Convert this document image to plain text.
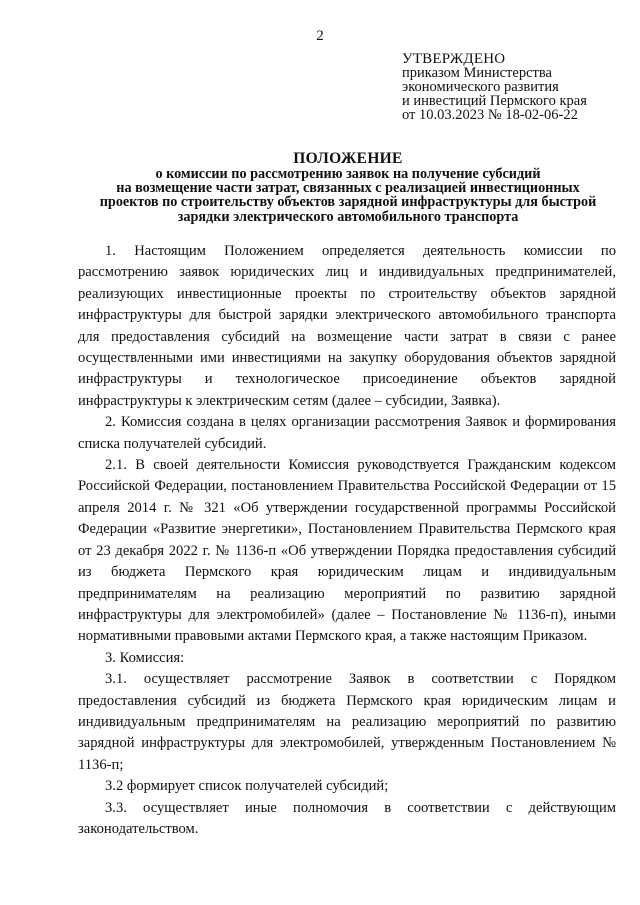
2
УТВЕРЖДЕНО
приказом Министерства
экономического развития
и инвестиций Пермского края
от 10.03.2023 № 18-02-06-22
ПОЛОЖЕНИЕ
о комиссии по рассмотрению заявок на получение субсидий
на возмещение части затрат, связанных с реализацией инвестиционных
проектов по строительству объектов зарядной инфраструктуры для быстрой
зарядки электрического автомобильного транспорта

1. Настоящим Положением определяется деятельность комиссии по рассмотрению заявок юридических лиц и индивидуальных предпринимателей, реализующих инвестиционные проекты по строительству объектов зарядной инфраструктуры для быстрой зарядки электрического автомобильного транспорта для предоставления субсидий на возмещение части затрат в связи с ранее осуществленными ими инвестициями на закупку оборудования объектов зарядной инфраструктуры и технологическое присоединение объектов зарядной инфраструктуры к электрическим сетям (далее – субсидии, Заявка).

2. Комиссия создана в целях организации рассмотрения Заявок и формирования списка получателей субсидий.

2.1. В своей деятельности Комиссия руководствуется Гражданским кодексом Российской Федерации, постановлением Правительства Российской Федерации от 15 апреля 2014 г. № 321 «Об утверждении государственной программы Российской Федерации «Развитие энергетики», Постановлением Правительства Пермского края от 23 декабря 2022 г. № 1136-п «Об утверждении Порядка предоставления субсидий из бюджета Пермского края юридическим лицам и индивидуальным предпринимателям на реализацию мероприятий по развитию зарядной инфраструктуры для электромобилей» (далее – Постановление № 1136-п), иными нормативными правовыми актами Пермского края, а также настоящим Приказом.

3. Комиссия:

3.1. осуществляет рассмотрение Заявок в соответствии с Порядком предоставления субсидий из бюджета Пермского края юридическим лицам и индивидуальным предпринимателям на реализацию мероприятий по развитию зарядной инфраструктуры для электромобилей, утвержденным Постановлением № 1136-п;

3.2 формирует список получателей субсидий;

3.3. осуществляет иные полномочия в соответствии с действующим законодательством.
